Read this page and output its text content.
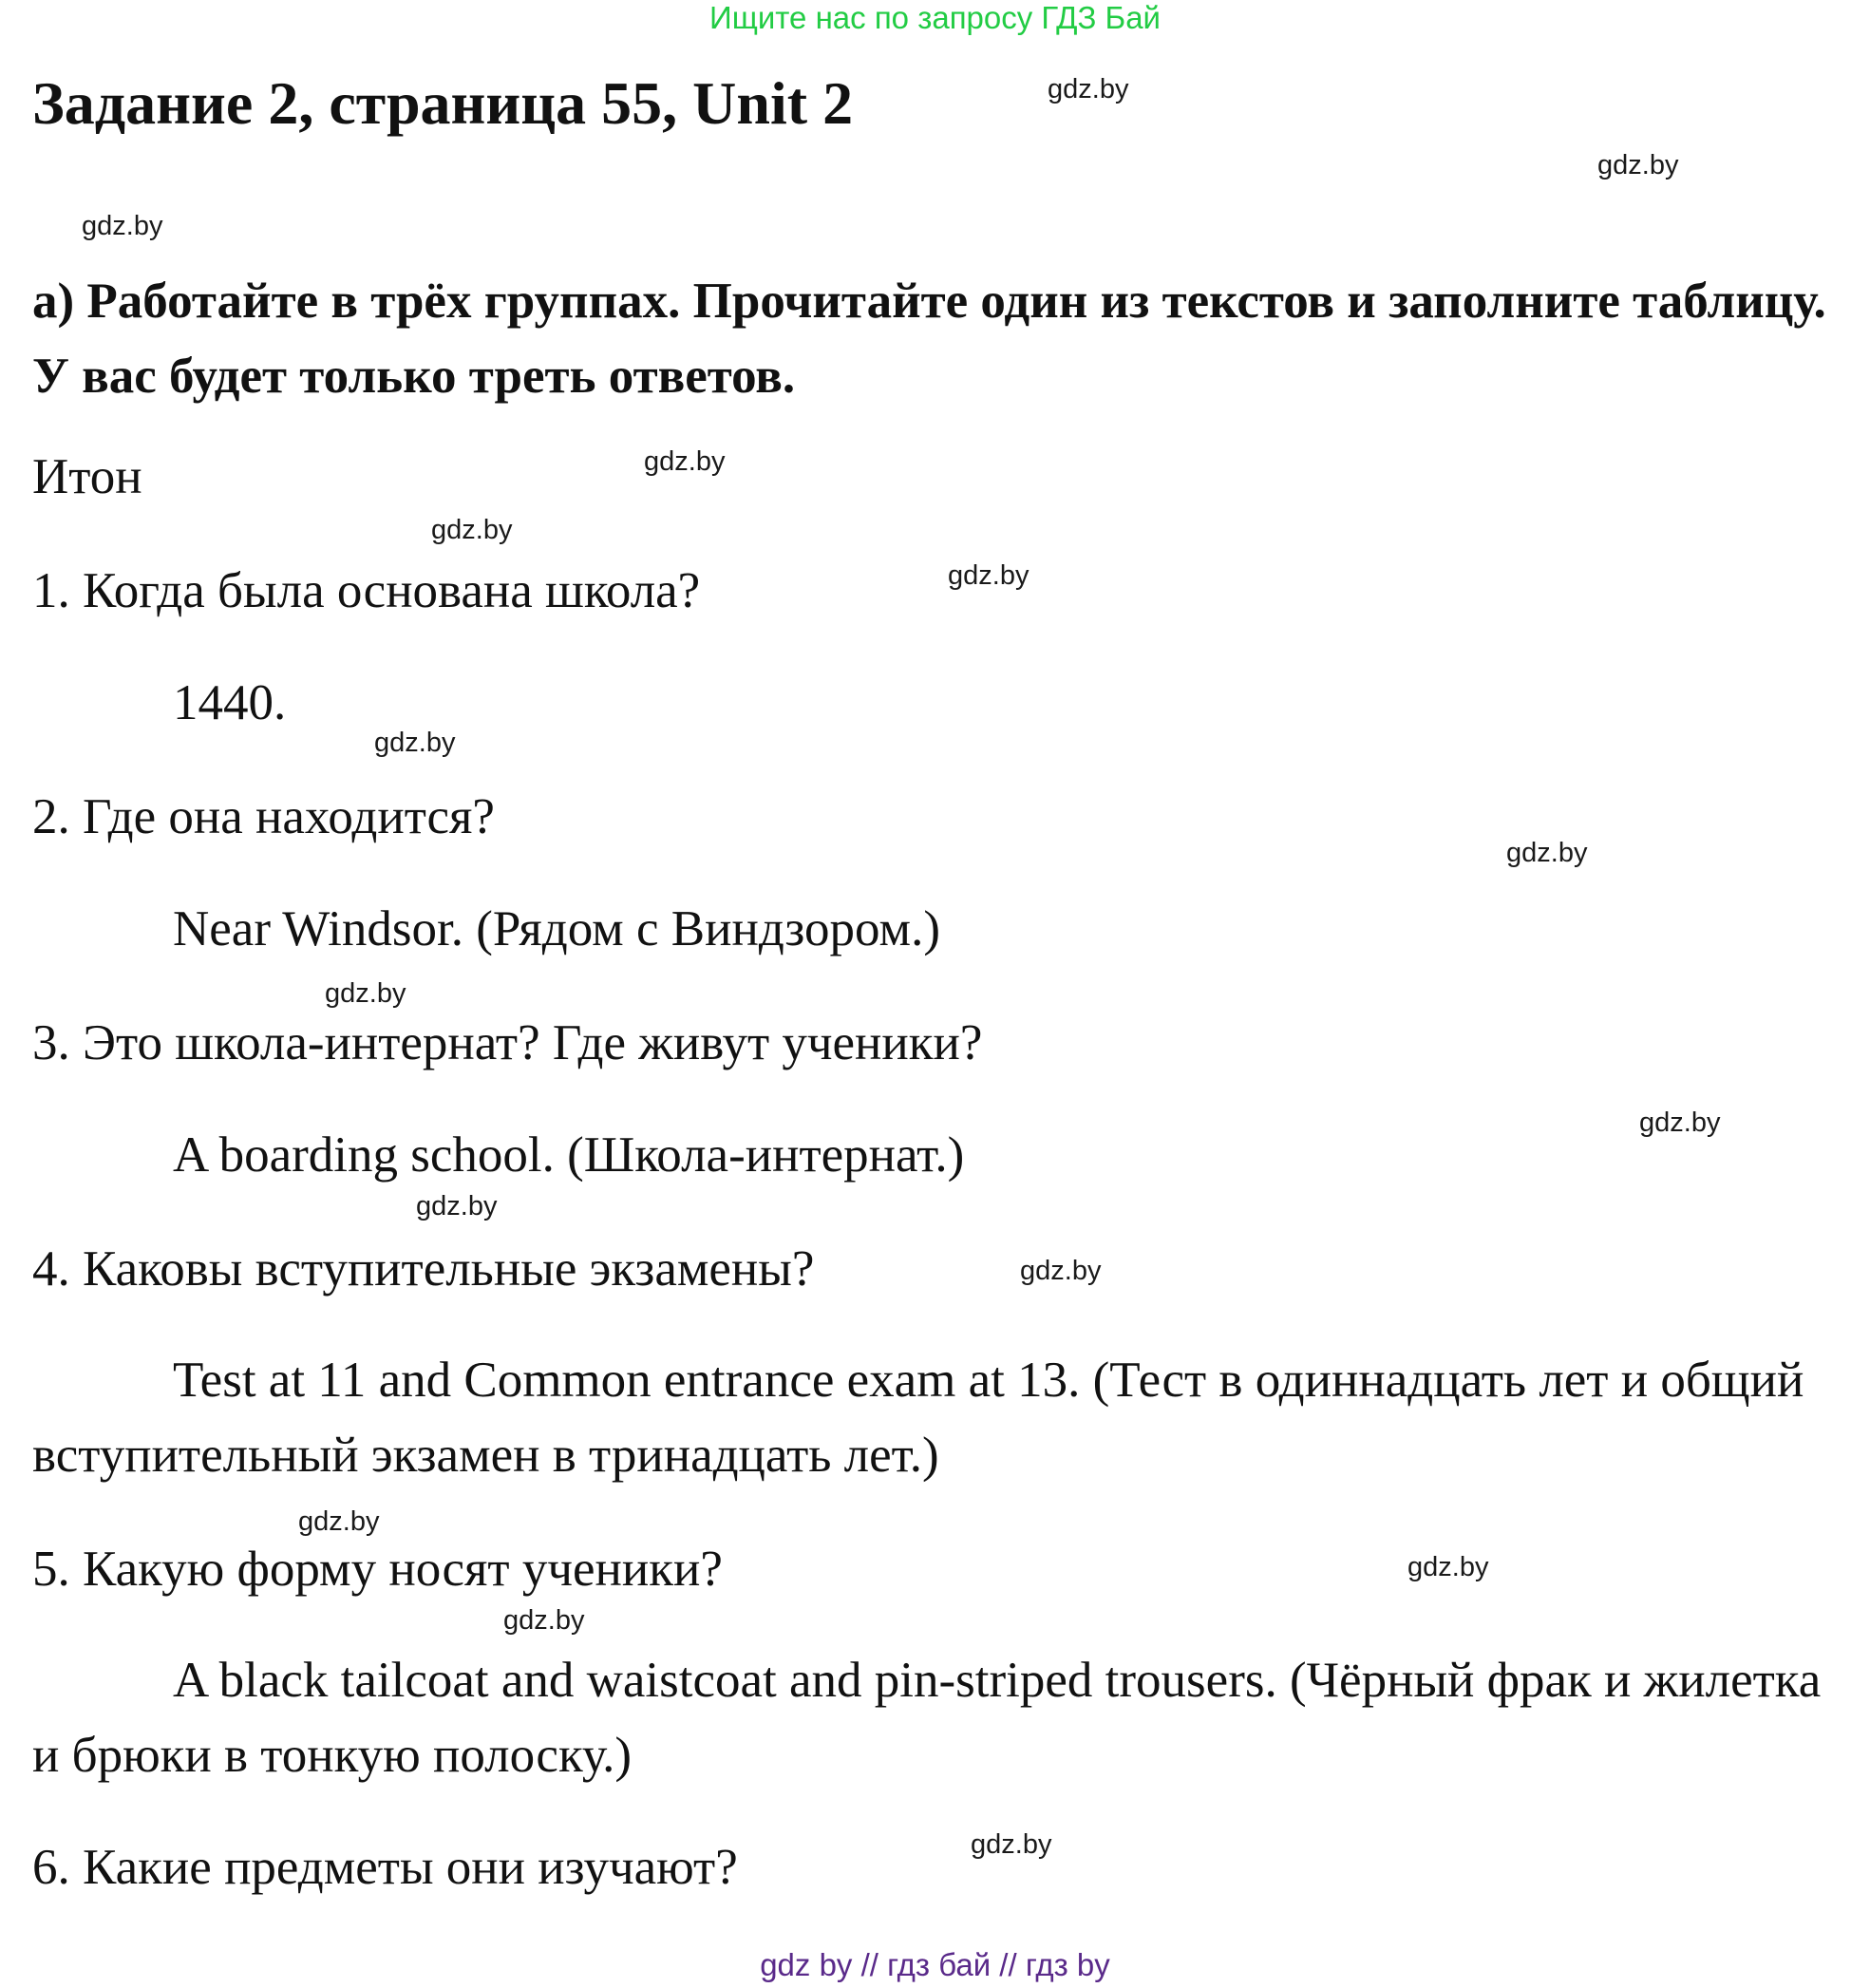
Ищите нас по запросу ГДЗ Бай
Задание 2, страница 55, Unit 2	gdz.by
gdz.by
gdz.by
gdz.by
gdz.by
gdz.by
gdz.by
gdz.by
gdz.by
gdz.by
gdz.by
gdz.by
gdz.by
gdz.by
gdz.by
gdz.by
а) Работайте в трёх группах. Прочитайте один из текстов и заполните таблицу. У вас будет только треть ответов.
Итон
1. Когда была основана школа?
1440.
2. Где она находится?
Near Windsor. (Рядом с Виндзором.)
3. Это школа-интернат? Где живут ученики?
A boarding school. (Школа-интернат.)
4. Каковы вступительные экзамены?
Test at 11 and Common entrance exam at 13. (Тест в одиннадцать лет и общий вступительный экзамен в тринадцать лет.)
5. Какую форму носят ученики?
A black tailcoat and waistcoat and pin-striped trousers. (Чёрный фрак и жилетка и брюки в тонкую полоску.)
6. Какие предметы они изучают?
gdz by // гдз бай // гдз by
